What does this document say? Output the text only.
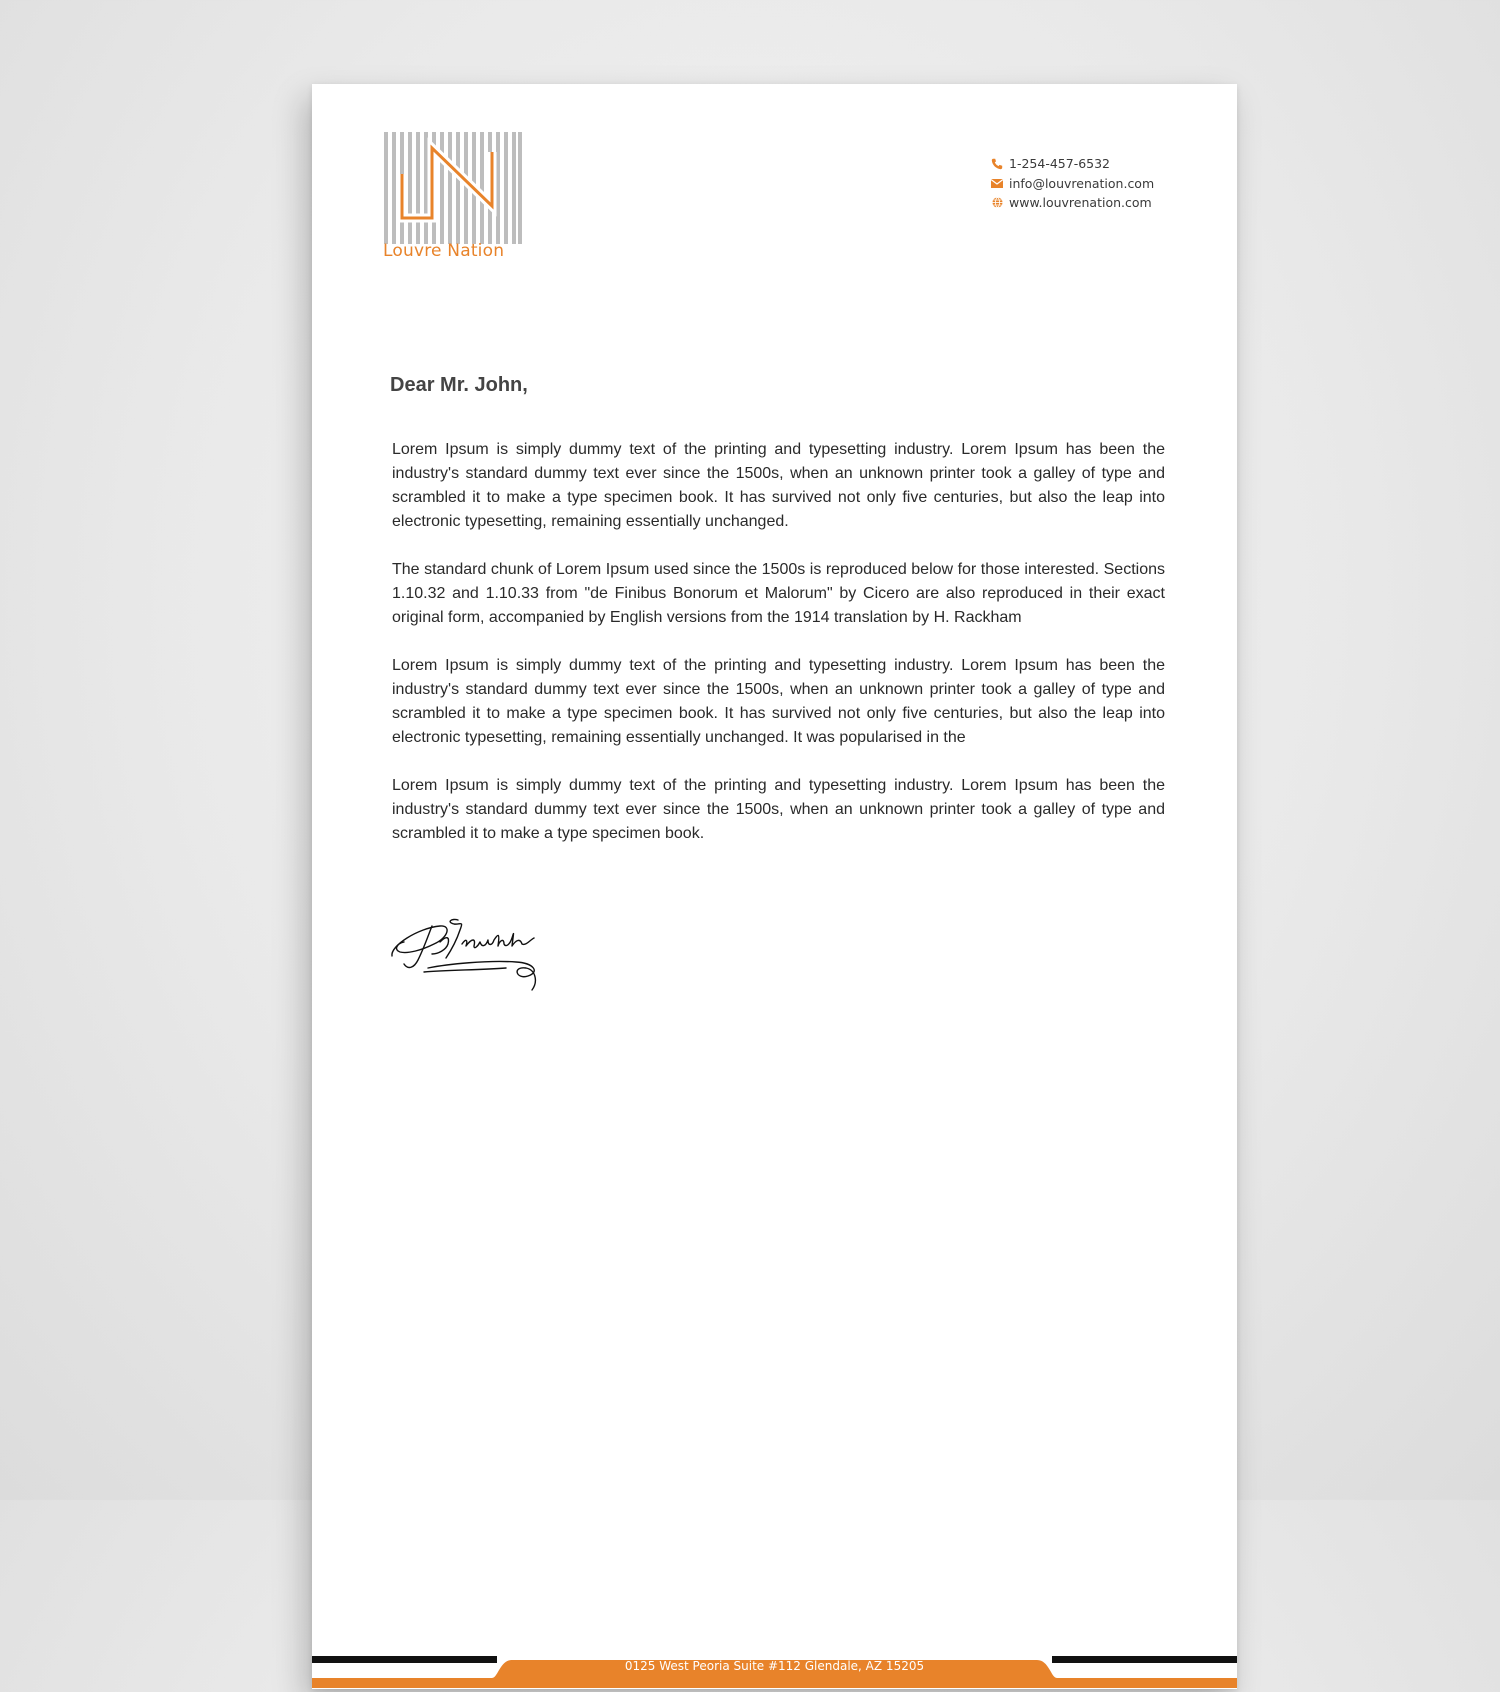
Louvre Nation
1-254-457-6532
info@louvrenation.com
www.louvrenation.com
Dear Mr. John,

Lorem Ipsum is simply dummy text of the printing and typesetting industry. Lorem Ipsum has been the industry's standard dummy text ever since the 1500s, when an unknown printer took a galley of type and scrambled it to make a type specimen book. It has survived not only five centuries, but also the leap into electronic typesetting, remaining essentially unchanged.

The standard chunk of Lorem Ipsum used since the 1500s is reproduced below for those interested. Sections 1.10.32 and 1.10.33 from "de Finibus Bonorum et Malorum" by Cicero are also reproduced in their exact original form, accompanied by English versions from the 1914 translation by H. Rackham

Lorem Ipsum is simply dummy text of the printing and typesetting industry. Lorem Ipsum has been the industry's standard dummy text ever since the 1500s, when an unknown printer took a galley of type and scrambled it to make a type specimen book. It has survived not only five centuries, but also the leap into electronic typesetting, remaining essentially unchanged. It was popularised in the

Lorem Ipsum is simply dummy text of the printing and typesetting industry. Lorem Ipsum has been the industry's standard dummy text ever since the 1500s, when an unknown printer took a galley of type and scrambled it to make a type specimen book.

0125 West Peoria Suite #112 Glendale, AZ 15205
